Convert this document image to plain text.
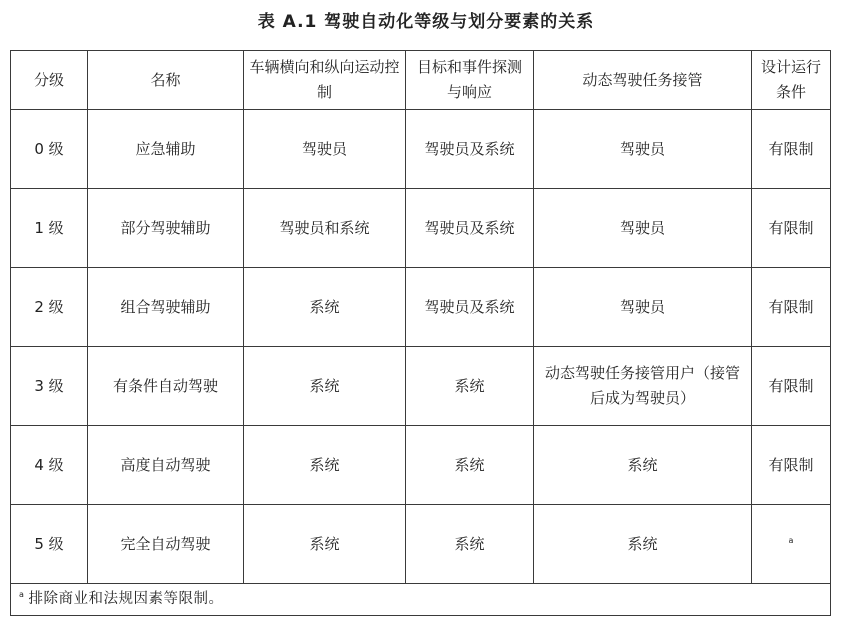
表 A.1 驾驶自动化等级与划分要素的关系
分级	名称	车辆横向和纵向运动控制	目标和事件探测与响应	动态驾驶任务接管	设计运行条件
0 级	应急辅助	驾驶员	驾驶员及系统	驾驶员	有限制
1 级	部分驾驶辅助	驾驶员和系统	驾驶员及系统	驾驶员	有限制
2 级	组合驾驶辅助	系统	驾驶员及系统	驾驶员	有限制
3 级	有条件自动驾驶	系统	系统	动态驾驶任务接管用户（接管后成为驾驶员）	有限制
4 级	高度自动驾驶	系统	系统	系统	有限制
5 级	完全自动驾驶	系统	系统	系统	$^a$
$^a$ 排除商业和法规因素等限制。					
